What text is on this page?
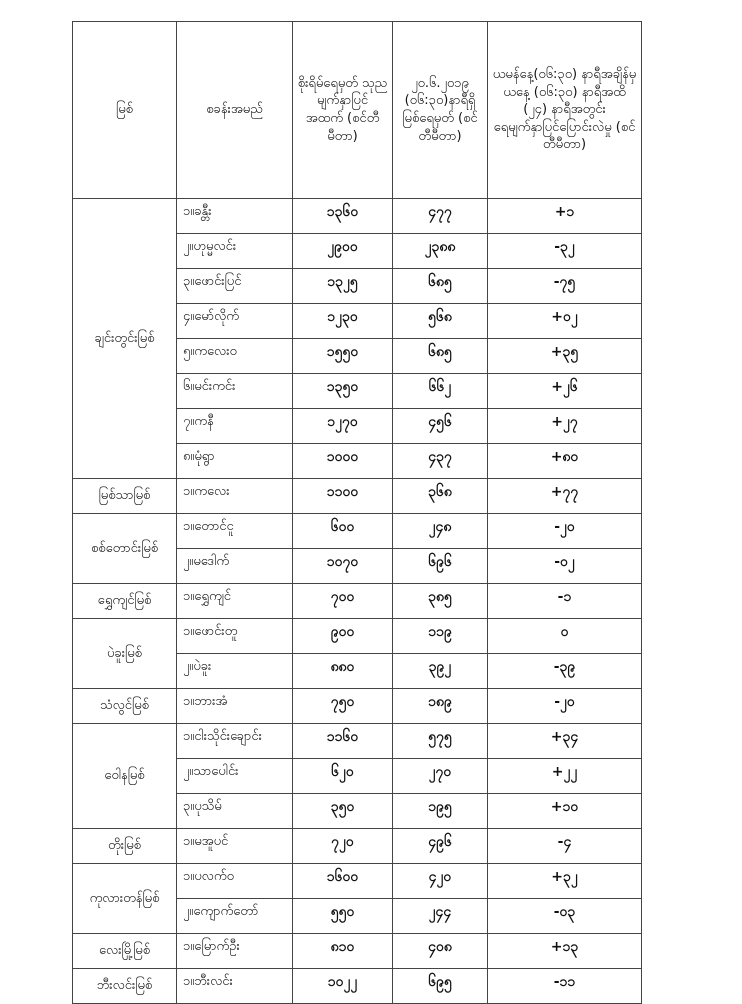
မြစ်	စခန်းအမည်	စိုးရိမ်ရေမှတ် သုည မျက်နှာပြင် အထက် (စင်တီမီတာ)	၂၀.၆.၂၀၁၉ (၀၆:၃၀)နာရီရှိ မြစ်ရေမှတ် (စင်တီမီတာ)	ယမန်နေ့(၀၆:၃၀) နာရီအချိန်မှ ယနေ့ (၀၆:၃၀) နာရီအထိ (၂၄) နာရီအတွင်း ရေမျက်နှာပြင်ပြောင်းလဲမှု (စင်တီမီတာ)
ချင်းတွင်းမြစ်	၁။ခန္တီး	၁၃၆၀	၄၇၇	+၁
	၂။ဟုမ္မလင်း	၂၉၀၀	၂၃၈၈	-၃၂
	၃။ဖောင်းပြင်	၁၃၂၅	၆၈၅	-၇၅
	၄။မော်လိုက်	၁၂၃၀	၅၆၈	+၀၂
	၅။ကလေးဝ	၁၅၅၀	၆၈၅	+၃၅
	၆။မင်းကင်း	၁၃၅၀	၆၆၂	+၂၆
	၇။ကနီ	၁၂၇၀	၄၅၆	+၂၇
	၈။မုံရွာ	၁၀၀၀	၄၃၇	+၈၀
မြစ်သာမြစ်	၁။ကလေး	၁၁၀၀	၃၆၈	+၇၇
စစ်တောင်းမြစ်	၁။တောင်ငူ	၆၀၀	၂၄၈	-၂၀
	၂။မဒေါက်	၁၀၇၀	၆၉၆	-၀၂
ရွှေကျင်မြစ်	၁။ရွှေကျင်	၇၀၀	၃၈၅	-၁
ပဲခူးမြစ်	၁။ဖောင်းတူ	၉၀၀	၁၁၉	၀
	၂။ပဲခူး	၈၈၀	၃၉၂	-၃၉
သံလွင်မြစ်	၁။ဘားအံ	၇၅၀	၁၈၉	-၂၀
ဝေါနမြစ်	၁။ငါးသိုင်းချောင်း	၁၁၆၀	၅၇၅	+၃၄
	၂။သာပေါင်း	၆၂၀	၂၇၀	+၂၂
	၃။ပုသိမ်	၃၅၀	၁၉၅	+၁၀
တိုးမြစ်	၁။မအူပင်	၇၂၀	၄၉၆	-၄
ကုလားတန်မြစ်	၁။ပလက်ဝ	၁၆၀၀	၄၂၀	+၃၂
	၂။ကျောက်တော်	၅၅၀	၂၄၄	-၀၃
လေးမြို့မြစ်	၁။မြောက်ဦး	၈၁၀	၄၀၈	+၁၃
ဘီးလင်းမြစ်	၁။ဘီးလင်း	၁၀၂၂	၆၉၅	-၁၁
